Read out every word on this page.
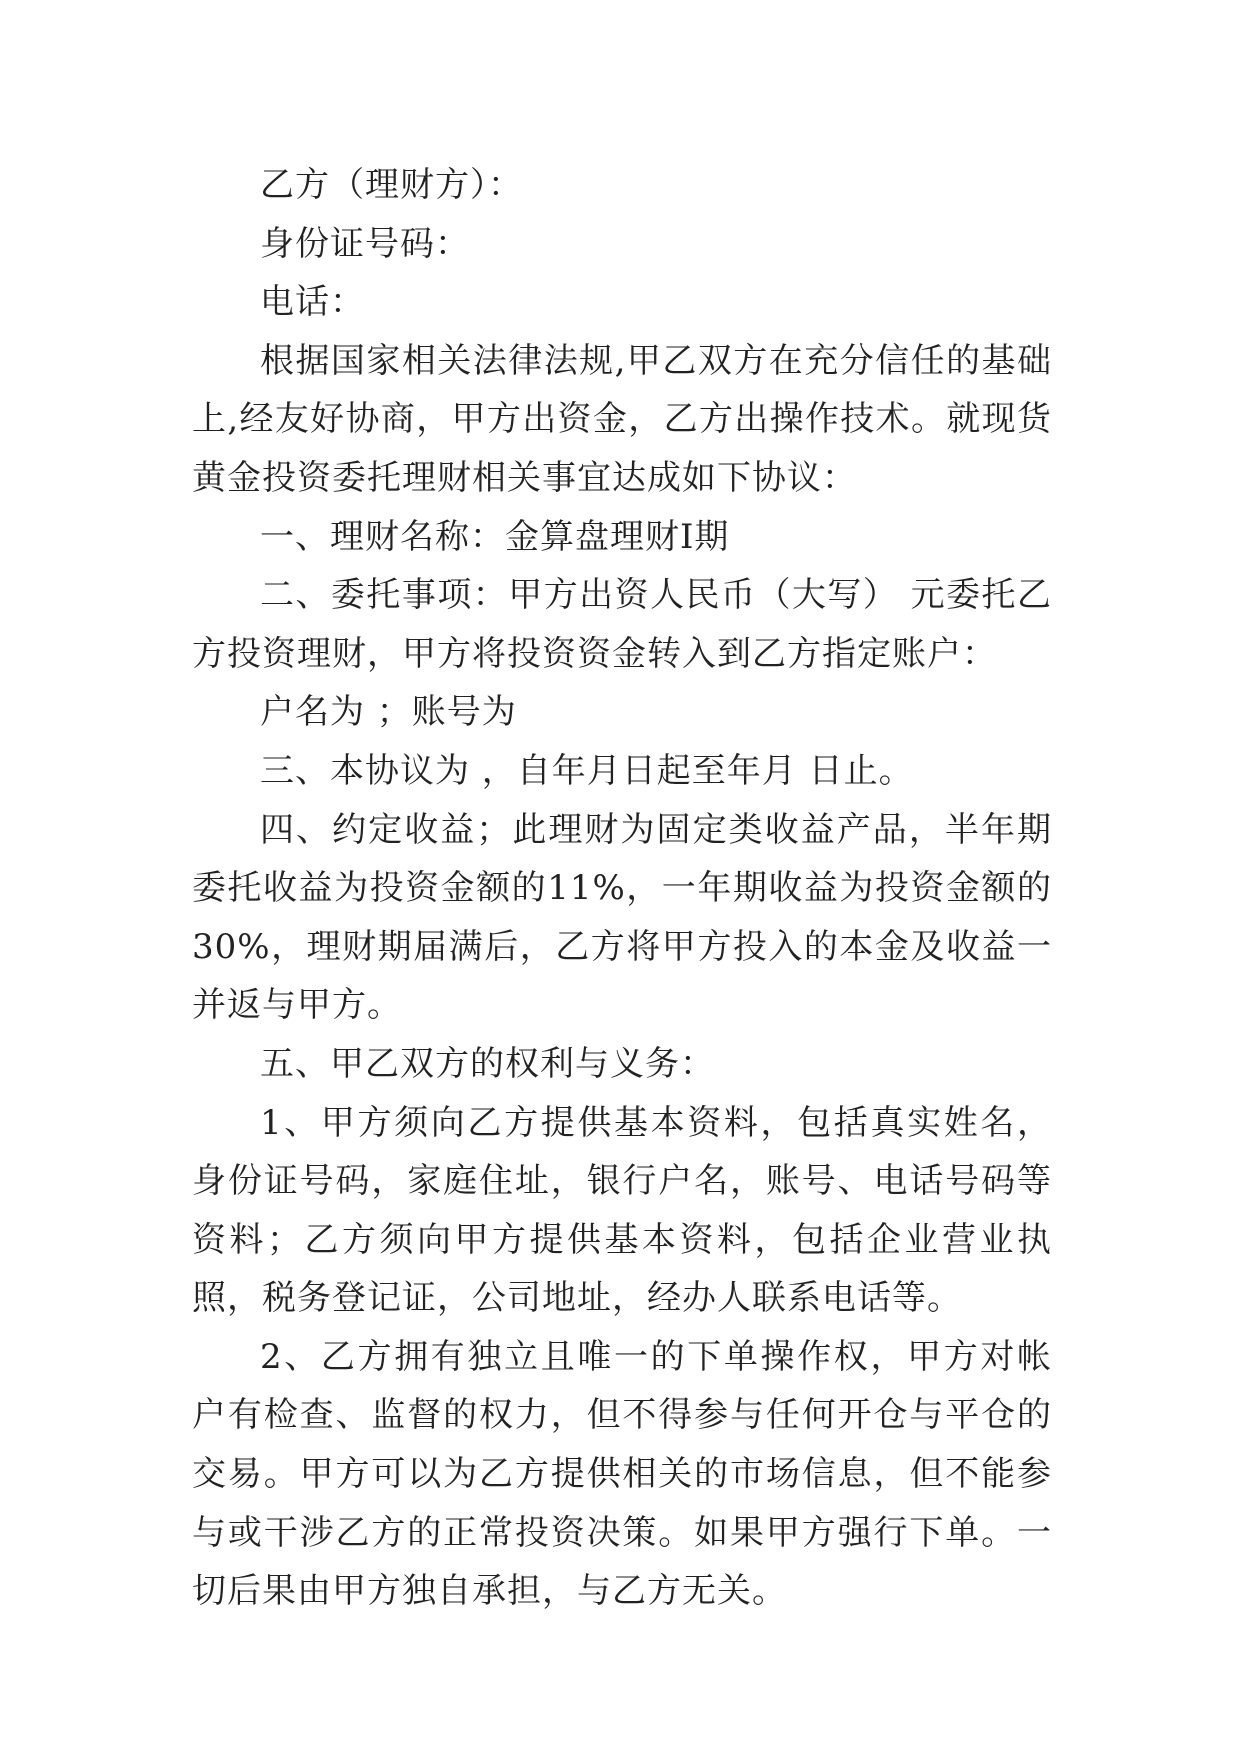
乙方（理财方）：

身份证号码：

电话：

根据国家相关法律法规,甲乙双方在充分信任的基础上,经友好协商，甲方出资金，乙方出操作技术。就现货黄金投资委托理财相关事宜达成如下协议：

一、理财名称：金算盘理财Ⅰ期

二、委托事项：甲方出资人民币（大写） 元委托乙方投资理财，甲方将投资资金转入到乙方指定账户：

户名为 ；账号为

三、本协议为 ，自年月日起至年月 日止。

四、约定收益；此理财为固定类收益产品，半年期委托收益为投资金额的11%，一年期收益为投资金额的30%，理财期届满后，乙方将甲方投入的本金及收益一并返与甲方。

五、甲乙双方的权利与义务：

1、甲方须向乙方提供基本资料，包括真实姓名，身份证号码，家庭住址，银行户名，账号、电话号码等资料；乙方须向甲方提供基本资料，包括企业营业执照，税务登记证，公司地址，经办人联系电话等。

2、乙方拥有独立且唯一的下单操作权，甲方对帐户有检查、监督的权力，但不得参与任何开仓与平仓的交易。甲方可以为乙方提供相关的市场信息，但不能参与或干涉乙方的正常投资决策。如果甲方强行下单。一切后果由甲方独自承担，与乙方无关。
